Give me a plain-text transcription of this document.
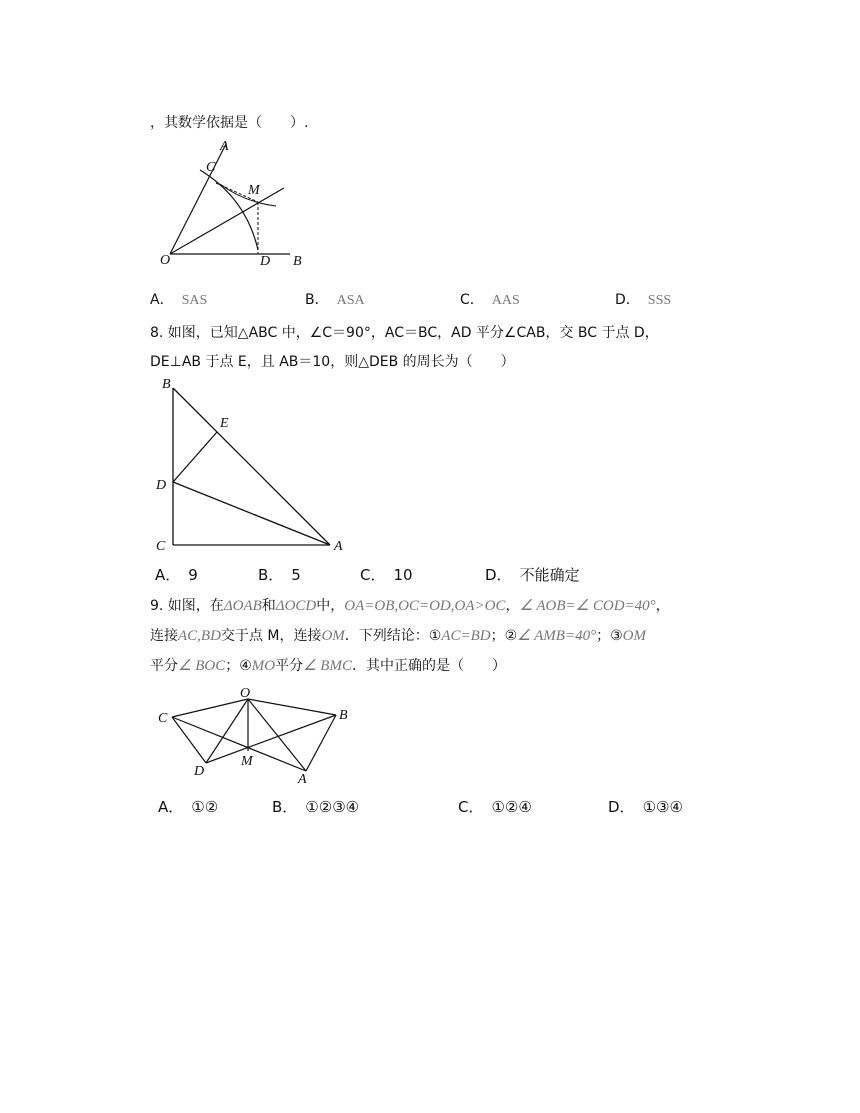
，其数学依据是（　　）.
A
C
M
O	D B
A． SAS	B． ASA	C． AAS	D． SSS
8. 如图，已知△ABC 中，∠C＝90°，AC＝BC，AD 平分∠CAB，交 BC 于点 D，
DE⊥AB 于点 E，且 AB＝10，则△DEB 的周长为（　　）
B
E
D
C	A
A． 9	B． 5	C． 10	D． 不能确定
9. 如图，在ΔOAB和ΔOCD中，OA=OB,OC=OD,OA>OC，∠ AOB=∠ COD=40°，
连接AC,BD交于点 M，连接OM．下列结论：①AC=BD；②∠ AMB=40°；③OM
平分∠ BOC；④MO平分∠ BMC．其中正确的是（　　）
O
C	B
M
D
A
A． ①②	B． ①②③④	C． ①②④	D． ①③④
